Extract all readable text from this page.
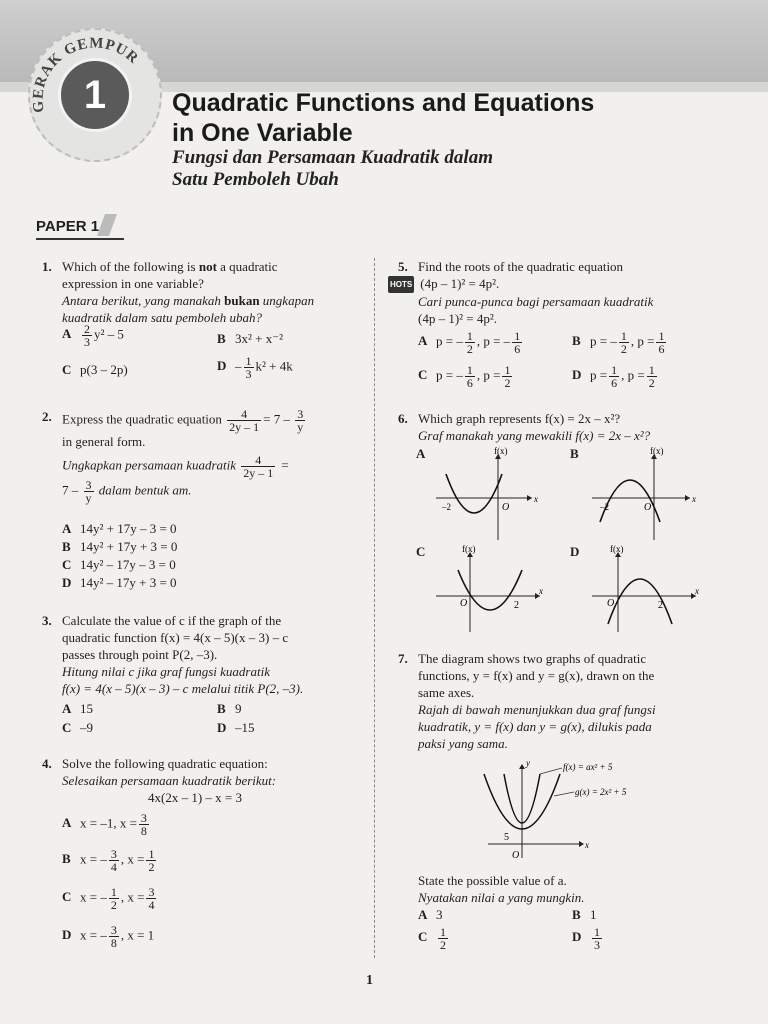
GERAK GEMPUR
1	Quadratic Functions and Equations
in One Variable
Fungsi dan Persamaan Kuadratik dalam
Satu Pemboleh Ubah
PAPER 1
1. Which of the following is not a quadratic
expression in one variable?
Antara berikut, yang manakah bukan ungkapan
kuadratik dalam satu pemboleh ubah?
A $\frac{2}{3} y^2 - 5$	B 3x² + x⁻²
C p(3 – 2p)	$D - \frac{1}{3} k^2 + 4k$
2. Express the quadratic equation $\frac{4}{2y - 1} = 7 - \frac{3}{y}$
in general form.
Ungkapkan persamaan kuadratik $\frac{4}{2y - 1}$ =
$7 - \frac{3}{y}$ dalam bentuk am.
A 14y² + 17y – 3 = 0
B 14y² + 17y + 3 = 0
C 14y² – 17y – 3 = 0
D 14y² – 17y + 3 = 0
3. Calculate the value of c if the graph of the
quadratic function f(x) = 4(x – 5)(x – 3) – c
passes through point P(2, –3).
Hitung nilai c jika graf fungsi kuadratik
f(x) = 4(x – 5)(x – 3) – c melalui titik P(2, –3).
A 15	B 9
C –9	D –15
4. Solve the following quadratic equation:
Selesaikan persamaan kuadratik berikut:
4x(2x – 1) – x = 3
A x = –1, $x = \frac{3}{8}$
B x = – $\frac{3}{4}$ , $x = \frac{1}{2}$
C x = – $\frac{1}{2}$ , $x = \frac{3}{4}$
D x = – $\frac{3}{8}$ , x = 1
5. Find the roots of the quadratic equation
HOTS (4p – 1)² = 4p².
Cari punca-punca bagi persamaan kuadratik
(4p – 1)² = 4p².
A p = – $\frac{1}{2}$ , p = – $\frac{1}{6}$	B p = – $\frac{1}{2}$ , $p = \frac{1}{6}$
C p = – $\frac{1}{6}$ , $p = \frac{1}{2}$	D $p = \frac{1}{6}$ , $p = \frac{1}{2}$
6. Which graph represents f(x) = 2x – x²?
Graf manakah yang mewakili f(x) = 2x – x²?
A	B
C	D
f(x)
x
O
–2
f(x)
x
O
–2
f(x)
x
O	2
f(x)
x
O	2
7. The diagram shows two graphs of quadratic
functions, y = f(x) and y = g(x), drawn on the
same axes.
Rajah di bawah menunjukkan dua graf fungsi
kuadratik, y = f(x) dan y = g(x), dilukis pada
paksi yang sama.
f(x) = ax² + 5
g(x) = 2x² + 5
y
x
O
5
State the possible value of a.
Nyatakan nilai a yang mungkin.
A 3	B 1
C $\frac{1}{2}$	D $\frac{1}{3}$
1
